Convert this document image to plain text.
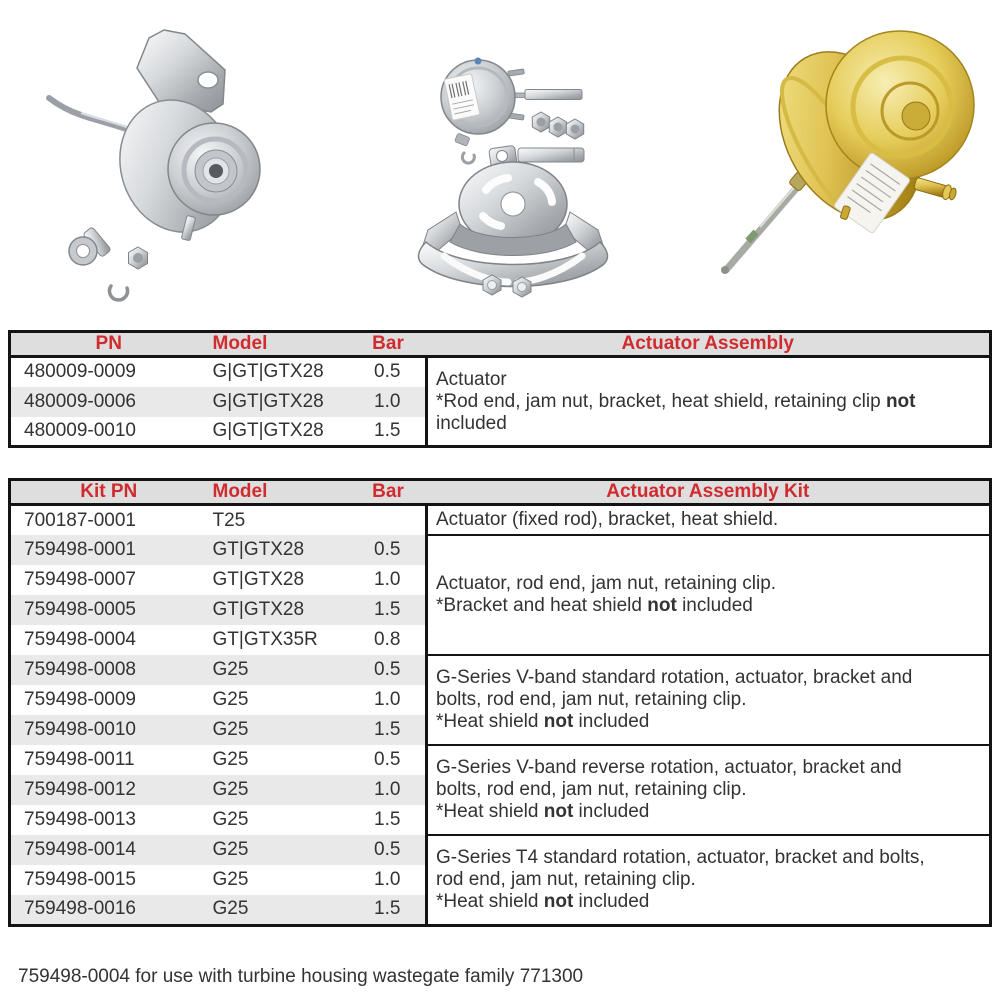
PN	Model	Bar	Actuator Assembly
480009-0009	G|GT|GTX28	0.5	Actuator
*Rod end, jam nut, bracket, heat shield, retaining clip not
included

480009-0006	G|GT|GTX28	1.0	
480009-0010	G|GT|GTX28	1.5	
Kit PN	Model	Bar	Actuator Assembly Kit
700187-0001	T25		Actuator (fixed rod), bracket, heat shield.

759498-0001	GT|GTX28	0.5	Actuator, rod end, jam nut, retaining clip.
*Bracket and heat shield not included

759498-0007	GT|GTX28	1.0	
759498-0005	GT|GTX28	1.5	
759498-0004	GT|GTX35R	0.8	
759498-0008	G25	0.5	G-Series V-band standard rotation, actuator, bracket and
bolts, rod end, jam nut, retaining clip.
*Heat shield not included

759498-0009	G25	1.0	
759498-0010	G25	1.5	
759498-0011	G25	0.5	G-Series V-band reverse rotation, actuator, bracket and
bolts, rod end, jam nut, retaining clip.
*Heat shield not included

759498-0012	G25	1.0	
759498-0013	G25	1.5	
759498-0014	G25	0.5	G-Series T4 standard rotation, actuator, bracket and bolts,
rod end, jam nut, retaining clip.
*Heat shield not included

759498-0015	G25	1.0	
759498-0016	G25	1.5	
759498-0004 for use with turbine housing wastegate family 771300
